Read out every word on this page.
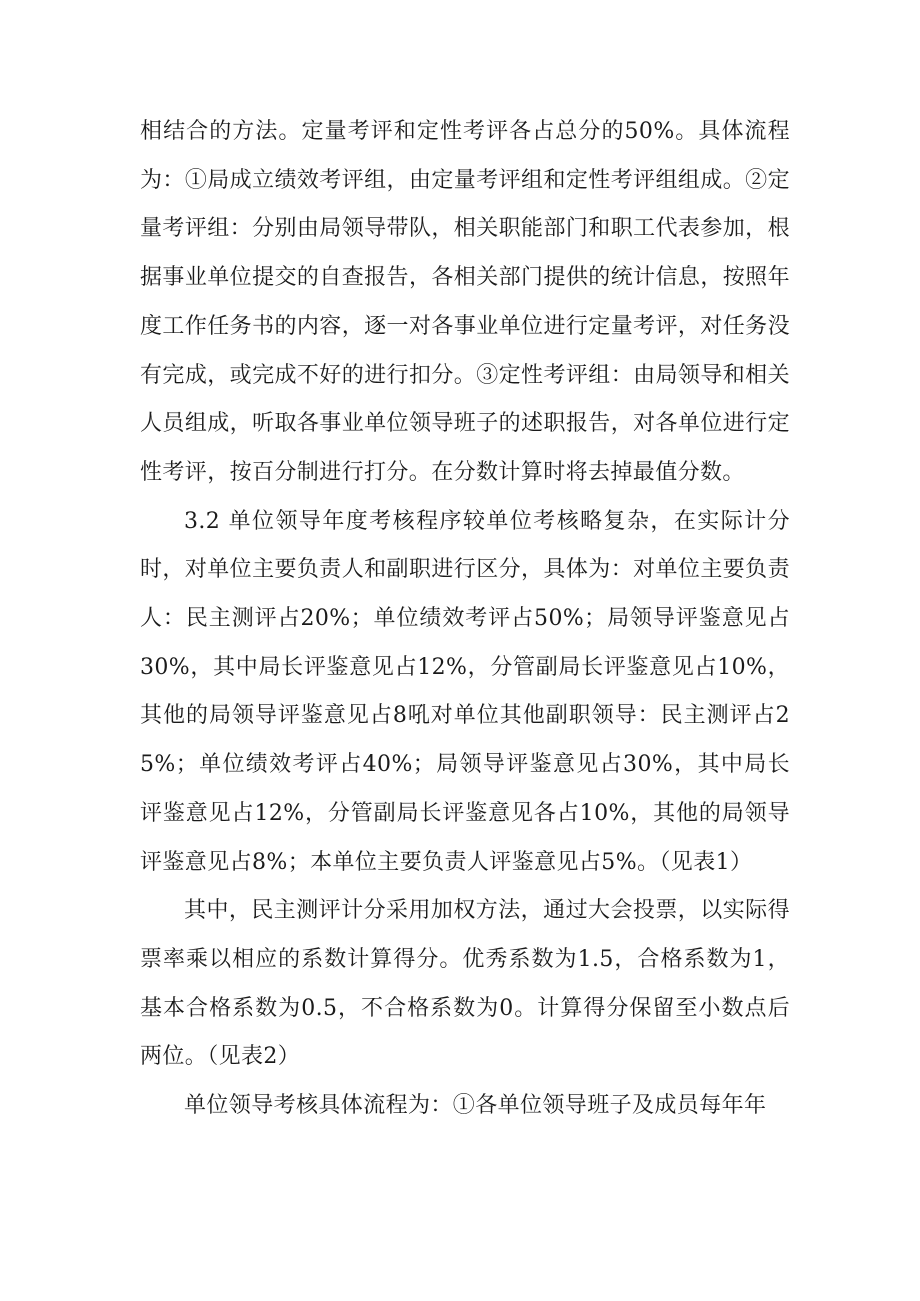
相结合的方法。定量考评和定性考评各占总分的50%。具体流程为：①局成立绩效考评组，由定量考评组和定性考评组组成。②定量考评组：分别由局领导带队，相关职能部门和职工代表参加，根据事业单位提交的自查报告，各相关部门提供的统计信息，按照年度工作任务书的内容，逐一对各事业单位进行定量考评，对任务没有完成，或完成不好的进行扣分。③定性考评组：由局领导和相关人员组成，听取各事业单位领导班子的述职报告，对各单位进行定性考评，按百分制进行打分。在分数计算时将去掉最值分数。

3.2 单位领导年度考核程序较单位考核略复杂，在实际计分时，对单位主要负责人和副职进行区分，具体为：对单位主要负责人：民主测评占20%；单位绩效考评占50%；局领导评鉴意见占30%，其中局长评鉴意见占12%，分管副局长评鉴意见占10%，其他的局领导评鉴意见占8吼对单位其他副职领导：民主测评占25%；单位绩效考评占40%；局领导评鉴意见占30%，其中局长评鉴意见占12%，分管副局长评鉴意见各占10%，其他的局领导评鉴意见占8%；本单位主要负责人评鉴意见占5%。（见表1）

其中，民主测评计分采用加权方法，通过大会投票，以实际得票率乘以相应的系数计算得分。优秀系数为1.5，合格系数为1，基本合格系数为0.5，不合格系数为0。计算得分保留至小数点后两位。（见表2）

单位领导考核具体流程为：①各单位领导班子及成员每年年
